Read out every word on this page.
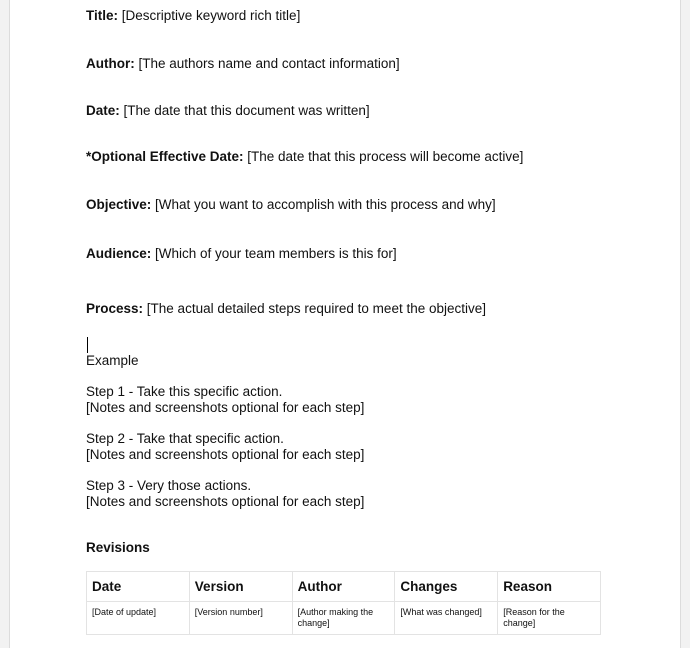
Title: [Descriptive keyword rich title]
Author: [The authors name and contact information]
Date: [The date that this document was written]
*Optional Effective Date: [The date that this process will become active]
Objective: [What you want to accomplish with this process and why]
Audience: [Which of your team members is this for]
Process: [The actual detailed steps required to meet the objective]
Example
Step 1 - Take this specific action.
[Notes and screenshots optional for each step]
Step 2 - Take that specific action.
[Notes and screenshots optional for each step]
Step 3 - Very those actions.
[Notes and screenshots optional for each step]
Revisions
Date	Version	Author	Changes	Reason
[Date of update]	[Version number]	[Author making the change]	[What was changed]	[Reason for the change]
